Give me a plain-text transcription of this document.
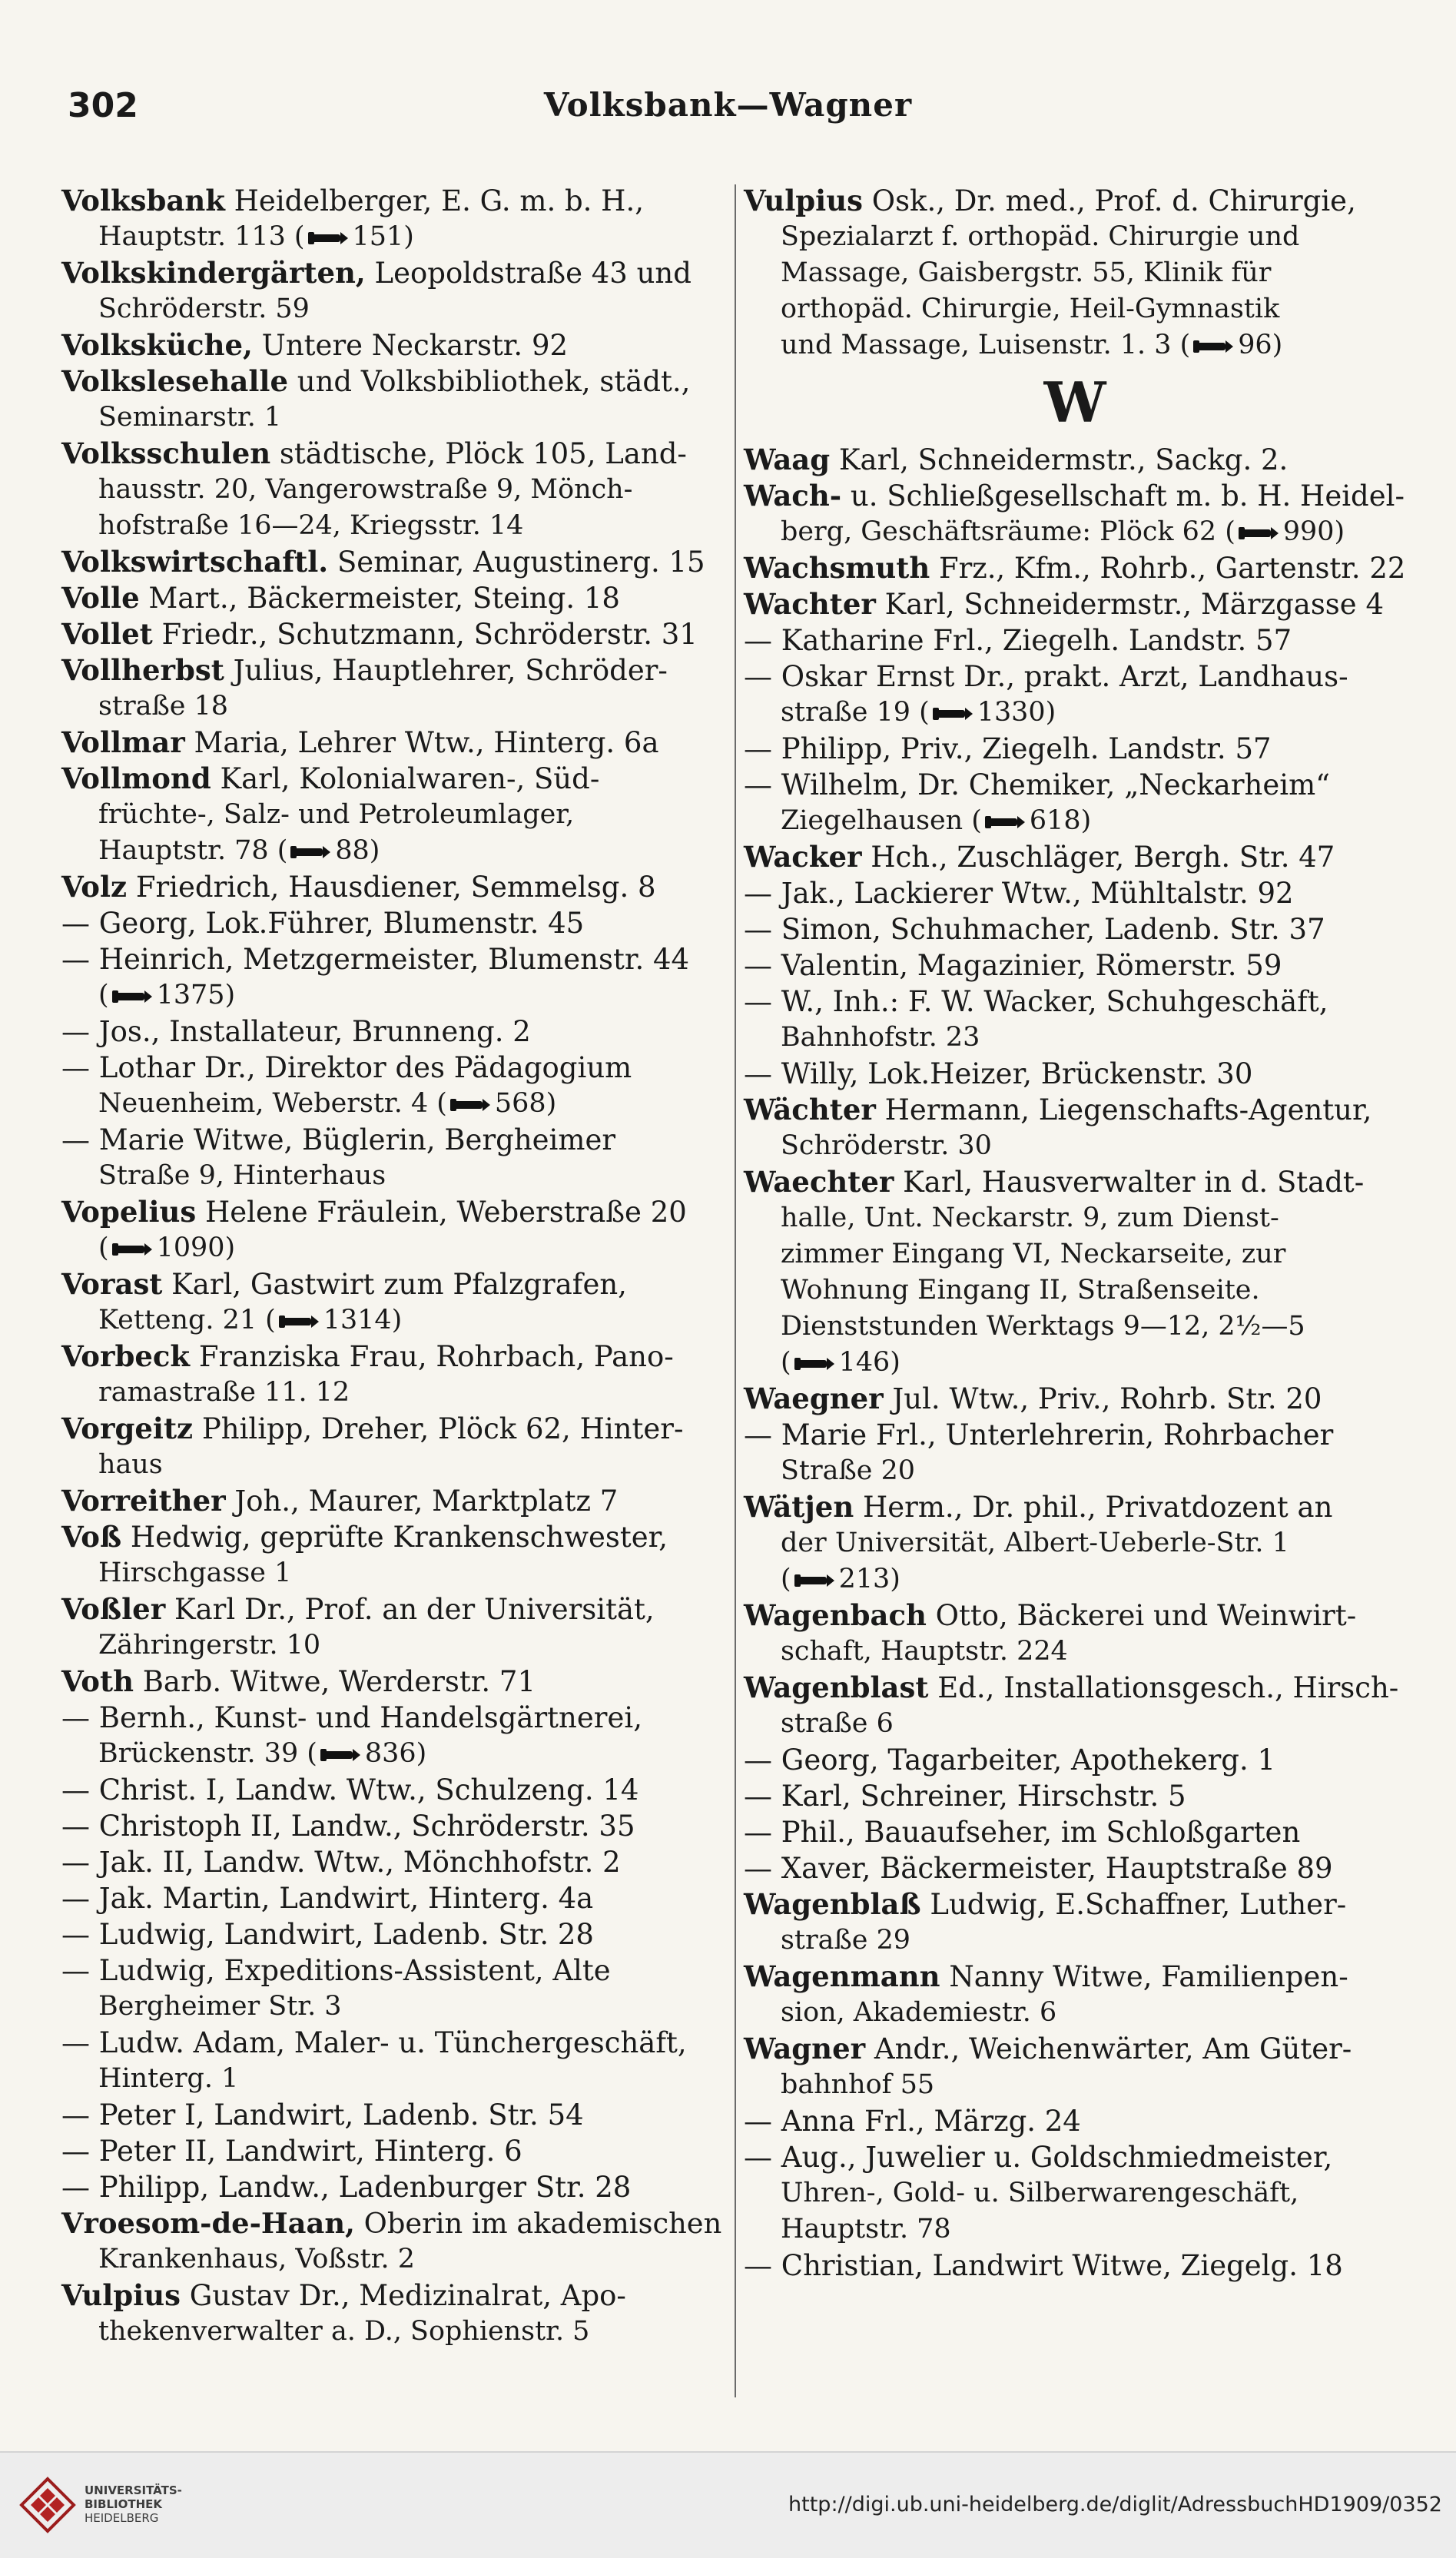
302	Volksbank—Wagner
Volksbank Heidelberger, E. G. m. b. H.,
Hauptstr. 113 ( 151)
Volkskindergärten, Leopoldstraße 43 und
Schröderstr. 59
Volksküche, Untere Neckarstr. 92
Volkslesehalle und Volksbibliothek, städt.,
Seminarstr. 1
Volksschulen städtische, Plöck 105, Land-
hausstr. 20, Vangerowstraße 9, Mönch-
hofstraße 16—24, Kriegsstr. 14
Volkswirtschaftl. Seminar, Augustinerg. 15
Volle Mart., Bäckermeister, Steing. 18
Vollet Friedr., Schutzmann, Schröderstr. 31
Vollherbst Julius, Hauptlehrer, Schröder-
straße 18
Vollmar Maria, Lehrer Wtw., Hinterg. 6a
Vollmond Karl, Kolonialwaren-, Süd-
früchte-, Salz- und Petroleumlager,
Hauptstr. 78 ( 88)
Volz Friedrich, Hausdiener, Semmelsg. 8
— Georg, Lok.Führer, Blumenstr. 45
— Heinrich, Metzgermeister, Blumenstr. 44
( 1375)
— Jos., Installateur, Brunneng. 2
— Lothar Dr., Direktor des Pädagogium
Neuenheim, Weberstr. 4 ( 568)
— Marie Witwe, Büglerin, Bergheimer
Straße 9, Hinterhaus
Vopelius Helene Fräulein, Weberstraße 20
( 1090)
Vorast Karl, Gastwirt zum Pfalzgrafen,
Ketteng. 21 ( 1314)
Vorbeck Franziska Frau, Rohrbach, Pano-
ramastraße 11. 12
Vorgeitz Philipp, Dreher, Plöck 62, Hinter-
haus
Vorreither Joh., Maurer, Marktplatz 7
Voß Hedwig, geprüfte Krankenschwester,
Hirschgasse 1
Voßler Karl Dr., Prof. an der Universität,
Zähringerstr. 10
Voth Barb. Witwe, Werderstr. 71
— Bernh., Kunst- und Handelsgärtnerei,
Brückenstr. 39 ( 836)
— Christ. I, Landw. Wtw., Schulzeng. 14
— Christoph II, Landw., Schröderstr. 35
— Jak. II, Landw. Wtw., Mönchhofstr. 2
— Jak. Martin, Landwirt, Hinterg. 4a
— Ludwig, Landwirt, Ladenb. Str. 28
— Ludwig, Expeditions-Assistent, Alte
Bergheimer Str. 3
— Ludw. Adam, Maler- u. Tünchergeschäft,
Hinterg. 1
— Peter I, Landwirt, Ladenb. Str. 54
— Peter II, Landwirt, Hinterg. 6
— Philipp, Landw., Ladenburger Str. 28
Vroesom-de-Haan, Oberin im akademischen
Krankenhaus, Voßstr. 2
Vulpius Gustav Dr., Medizinalrat, Apo-
thekenverwalter a. D., Sophienstr. 5
Vulpius Osk., Dr. med., Prof. d. Chirurgie,
Spezialarzt f. orthopäd. Chirurgie und
Massage, Gaisbergstr. 55, Klinik für
orthopäd. Chirurgie, Heil-Gymnastik
und Massage, Luisenstr. 1. 3 ( 96)
W
Waag Karl, Schneidermstr., Sackg. 2.
Wach- u. Schließgesellschaft m. b. H. Heidel-
berg, Geschäftsräume: Plöck 62 ( 990)
Wachsmuth Frz., Kfm., Rohrb., Gartenstr. 22
Wachter Karl, Schneidermstr., Märzgasse 4
— Katharine Frl., Ziegelh. Landstr. 57
— Oskar Ernst Dr., prakt. Arzt, Landhaus-
straße 19 ( 1330)
— Philipp, Priv., Ziegelh. Landstr. 57
— Wilhelm, Dr. Chemiker, „Neckarheim“
Ziegelhausen ( 618)
Wacker Hch., Zuschläger, Bergh. Str. 47
— Jak., Lackierer Wtw., Mühltalstr. 92
— Simon, Schuhmacher, Ladenb. Str. 37
— Valentin, Magazinier, Römerstr. 59
— W., Inh.: F. W. Wacker, Schuhgeschäft,
Bahnhofstr. 23
— Willy, Lok.Heizer, Brückenstr. 30
Wächter Hermann, Liegenschafts-Agentur,
Schröderstr. 30
Waechter Karl, Hausverwalter in d. Stadt-
halle, Unt. Neckarstr. 9, zum Dienst-
zimmer Eingang VI, Neckarseite, zur
Wohnung Eingang II, Straßenseite.
Dienststunden Werktags 9—12, 2½—5
( 146)
Waegner Jul. Wtw., Priv., Rohrb. Str. 20
— Marie Frl., Unterlehrerin, Rohrbacher
Straße 20
Wätjen Herm., Dr. phil., Privatdozent an
der Universität, Albert-Ueberle-Str. 1
( 213)
Wagenbach Otto, Bäckerei und Weinwirt-
schaft, Hauptstr. 224
Wagenblast Ed., Installationsgesch., Hirsch-
straße 6
— Georg, Tagarbeiter, Apothekerg. 1
— Karl, Schreiner, Hirschstr. 5
— Phil., Bauaufseher, im Schloßgarten
— Xaver, Bäckermeister, Hauptstraße 89
Wagenblaß Ludwig, E.Schaffner, Luther-
straße 29
Wagenmann Nanny Witwe, Familienpen-
sion, Akademiestr. 6
Wagner Andr., Weichenwärter, Am Güter-
bahnhof 55
— Anna Frl., Märzg. 24
— Aug., Juwelier u. Goldschmiedmeister,
Uhren-, Gold- u. Silberwarengeschäft,
Hauptstr. 78
— Christian, Landwirt Witwe, Ziegelg. 18
UNIVERSITÄTS-
BIBLIOTHEK
HEIDELBERG
http://digi.ub.uni-heidelberg.de/diglit/AdressbuchHD1909/0352
